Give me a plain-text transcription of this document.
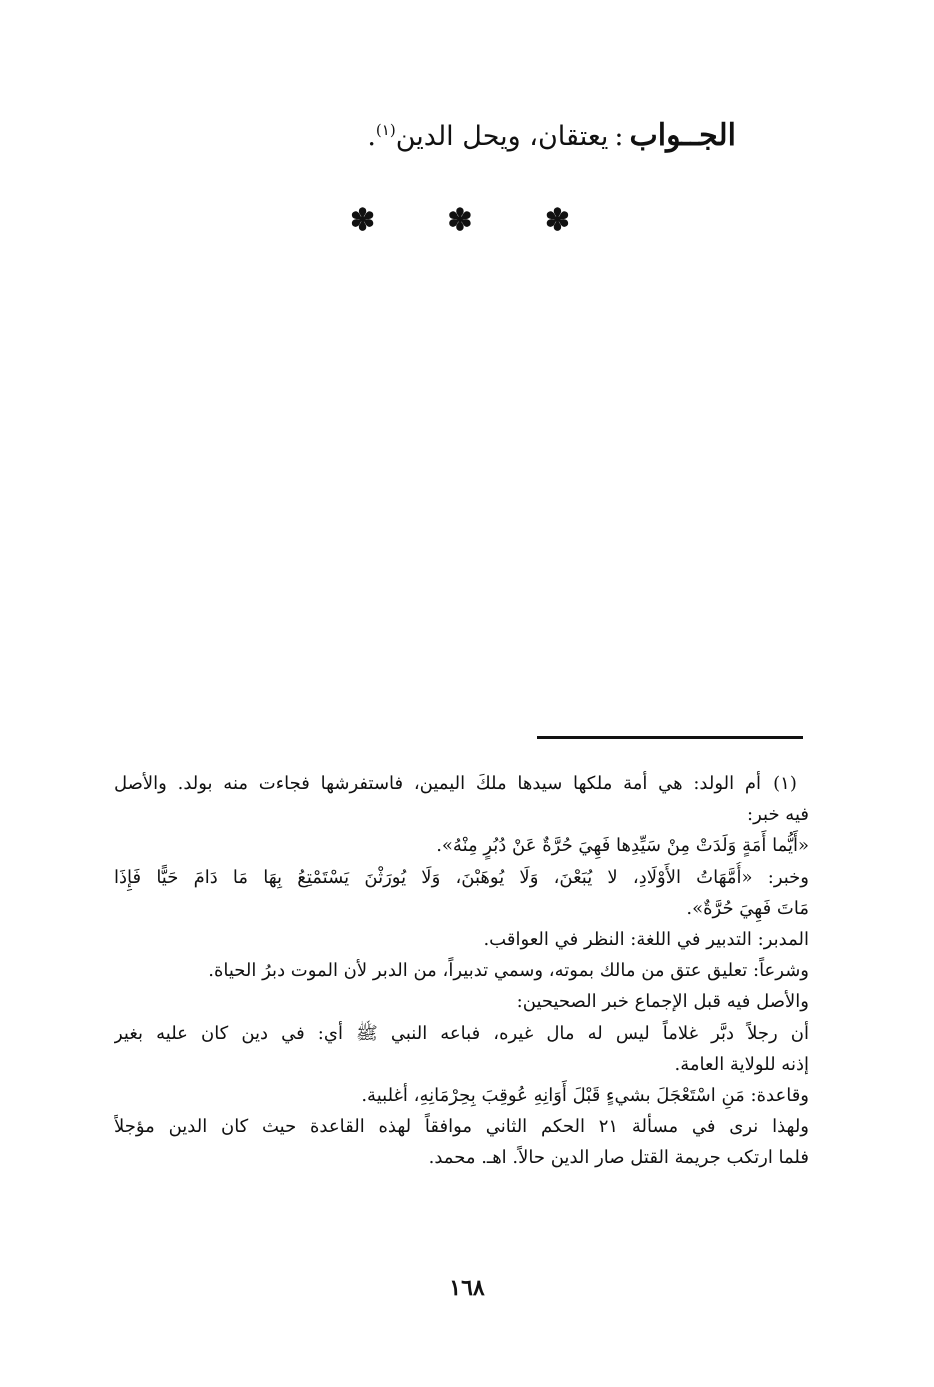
الجــواب:يعتقان، ويحل الدين$^{(١)}$.
✽ ✽ ✽
(١)

أم الولد: هي أمة ملكها سيدها ملكَ اليمين، فاستفرشها فجاءت منه بولد. والأصل

فيه خبر:

«أَيُّما أَمَةٍ وَلَدَتْ مِنْ سَيِّدِها فَهِيَ حُرَّةٌ عَنْ دُبُرٍ مِنْهُ».

وخبر: «أُمَّهَاتُ الأَوْلَادِ، لا يُبَعْنَ، وَلَا يُوهَبْنَ، وَلَا يُورَثْنَ يَسْتَمْتِعُ بِهَا مَا دَامَ حَيًّا فَإِذَا

مَاتَ فَهِيَ حُرَّةٌ».

المدبر: التدبير في اللغة: النظر في العواقب.

وشرعاً: تعليق عتق من مالك بموته، وسمي تدبيراً، من الدبر لأن الموت دبرُ الحياة.

والأصل فيه قبل الإجماع خبر الصحيحين:

أن رجلاً دبَّر غلاماً ليس له مال غيره، فباعه النبي ﷺ أي: في دين كان عليه بغير

إذنه للولاية العامة.

وقاعدة: مَنِ اسْتَعْجَلَ بشيءٍ قَبْلَ أَوَانِهِ عُوقِبَ بِحِرْمَانِهِ، أغلبية.

ولهذا نرى في مسألة ٢١ الحكم الثاني موافقاً لهذه القاعدة حيث كان الدين مؤجلاً

فلما ارتكب جريمة القتل صار الدين حالاً. اهـ. محمد.

١٦٨
